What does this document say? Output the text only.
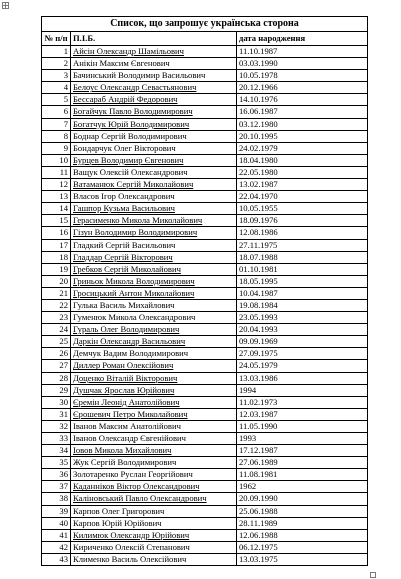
Список, що запрошує українська сторона		
№ п/п	П.І.Б.	дата народження
1	Айсін Олександр Шамільович	11.10.1987
2	Анікін Максим Євгенович	03.03.1990
3	Бачинський Володимир Васильович	10.05.1978
4	Белоус Олександр Севастьянович	20.12.1966
5	Бессараб Андрій Федорович	14.10.1976
6	Богайчук Павло Володимирович	16.06.1987
7	Богатчук Юрій Володимирович	03.12.1980
8	Боднар Сергій Володимирович	20.10.1995
9	Бондарчук Олег Вікторович	24.02.1979
10	Бурцев Володимир Євгенович	18.04.1980
11	Ващук Олексій Олександрович	22.05.1980
12	Ватаманюк Сергій Миколайович	13.02.1987
13	Власов Ігор Олександрович	22.04.1970
14	Гашпор Кузьма Васильович	10.05.1955
15	Герасименко Микола Миколайович	18.09.1976
16	Гізун Володимир Володимирович	12.08.1986
17	Гладкий Сергій Васильович	27.11.1975
18	Гладдар Сергій Вікторович	18.07.1988
19	Гребков Сергій Миколайович	01.10.1981
20	Гриньок Микола Володимирович	18.05.1995
21	Гросицький Антон Миколайович	10.04.1987
22	Гулька Василь Михайлович	19.08.1984
23	Гуменюк Микола Олександрович	23.05.1993
24	Гураль Олег Володимирович	20.04.1993
25	Даркін Олександр Васильович	09.09.1969
26	Демчук Вадим Володимирович	27.09.1975
27	Диллер Роман Олексійович	24.05.1979
28	Доценко Віталій Вікторович	13.03.1986
29	Душчак Ярослав Юрійович	1994
30	Єремін Леонід Анатолійович	11.02.1973
31	Єрошевич Петро Миколайович	12.03.1987
32	Іванов Максим Анатолійович	11.05.1990
33	Іванов Олександр Євгенійович	1993
34	Іовов Микола Михайлович	17.12.1987
35	Жук Сергій Володимирович	27.06.1989
36	Золотаренко Руслан Георгійович	11.08.1981
37	Каданніков Віктор Олександрович	1962
38	Каліновський Павло Олександрович	20.09.1990
39	Карпов Олег Григорович	25.06.1988
40	Карпов Юрій Юрійович	28.11.1989
41	Килимюк Олександр Юрійович	12.06.1988
42	Кириченко Олексій Степанович	06.12.1975
43	Клименко Василь Олексійович	13.03.1975
